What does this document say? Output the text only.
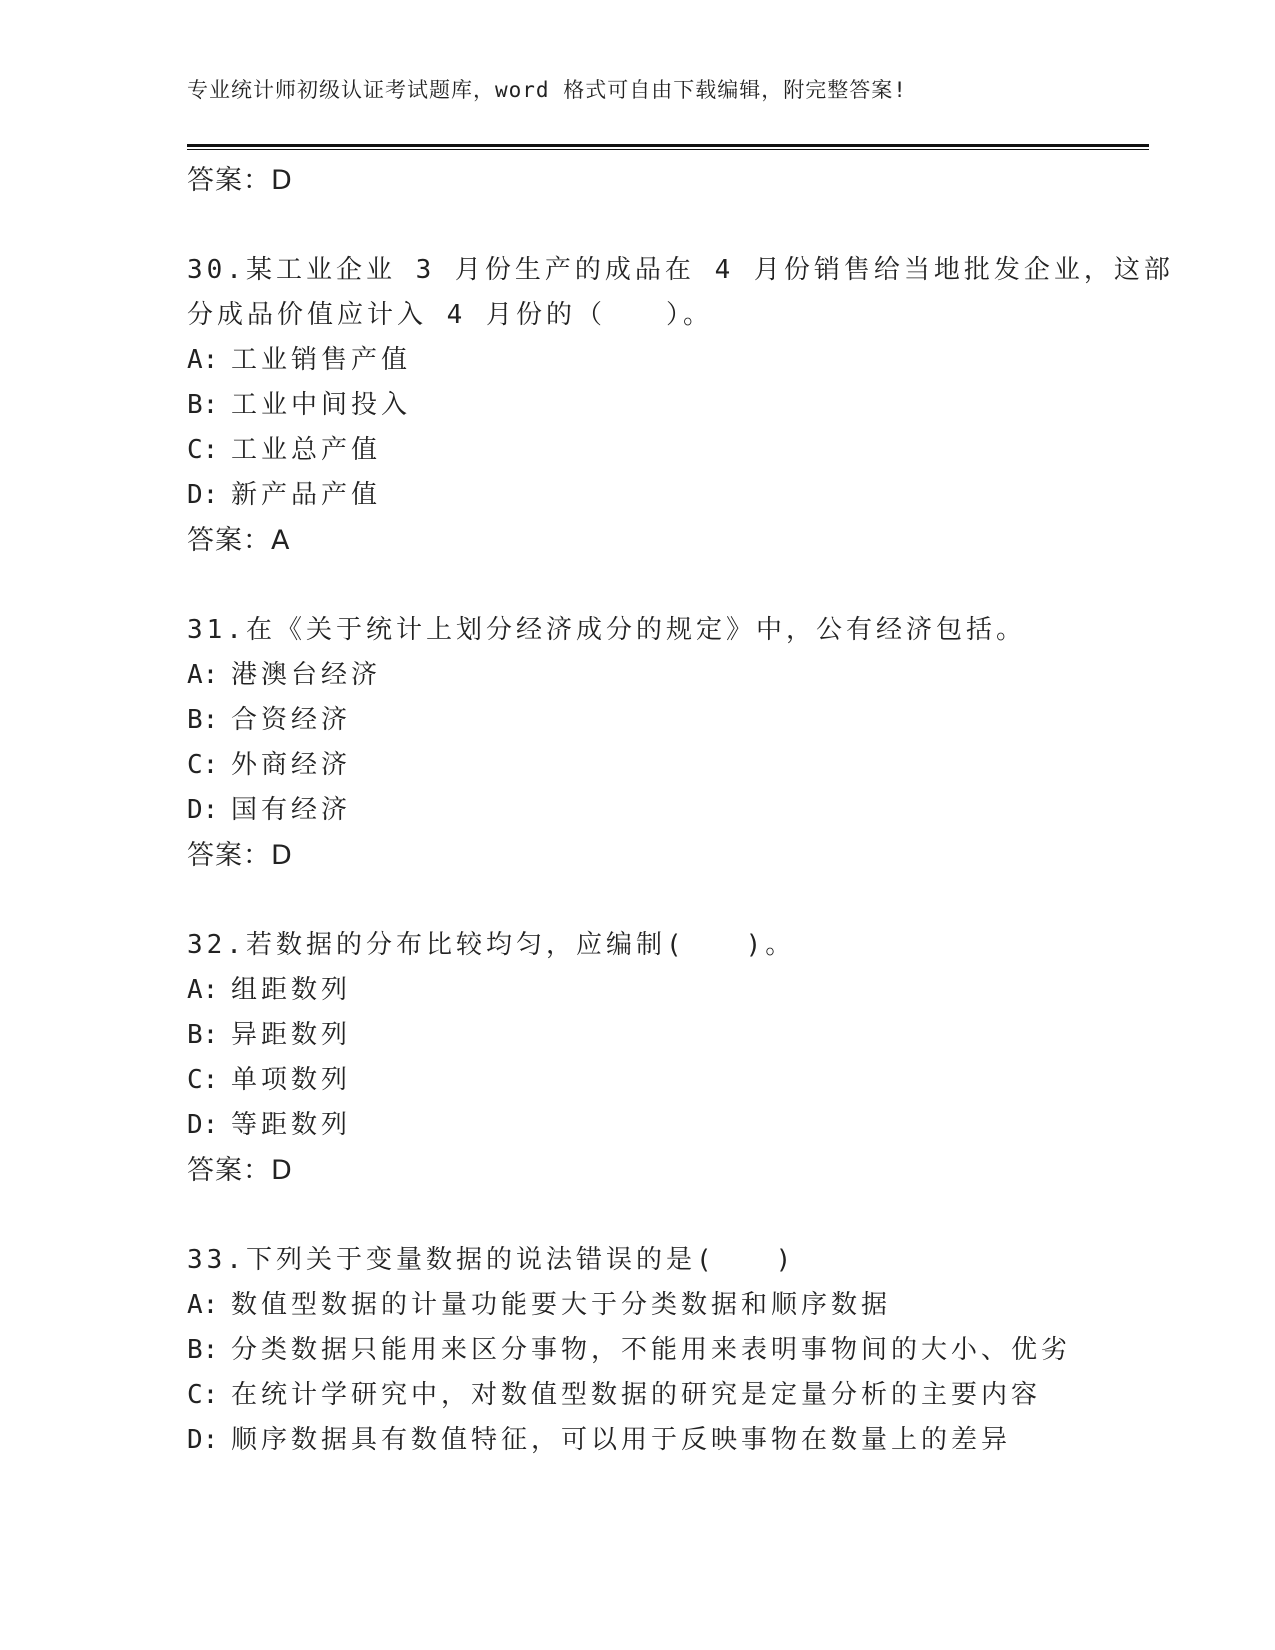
专业统计师初级认证考试题库，word 格式可自由下载编辑，附完整答案!
答案：D
30.某工业企业 3 月份生产的成品在 4 月份销售给当地批发企业，这部
分成品价值应计入 4 月份的（　　）。
A: 工业销售产值
B: 工业中间投入
C: 工业总产值
D: 新产品产值
答案：A
31.在《关于统计上划分经济成分的规定》中，公有经济包括。
A: 港澳台经济
B: 合资经济
C: 外商经济
D: 国有经济
答案：D
32.若数据的分布比较均匀，应编制(　　)。
A: 组距数列
B: 异距数列
C: 单项数列
D: 等距数列
答案：D
33.下列关于变量数据的说法错误的是(　　)
A: 数值型数据的计量功能要大于分类数据和顺序数据
B: 分类数据只能用来区分事物，不能用来表明事物间的大小、优劣
C: 在统计学研究中，对数值型数据的研究是定量分析的主要内容
D: 顺序数据具有数值特征，可以用于反映事物在数量上的差异
